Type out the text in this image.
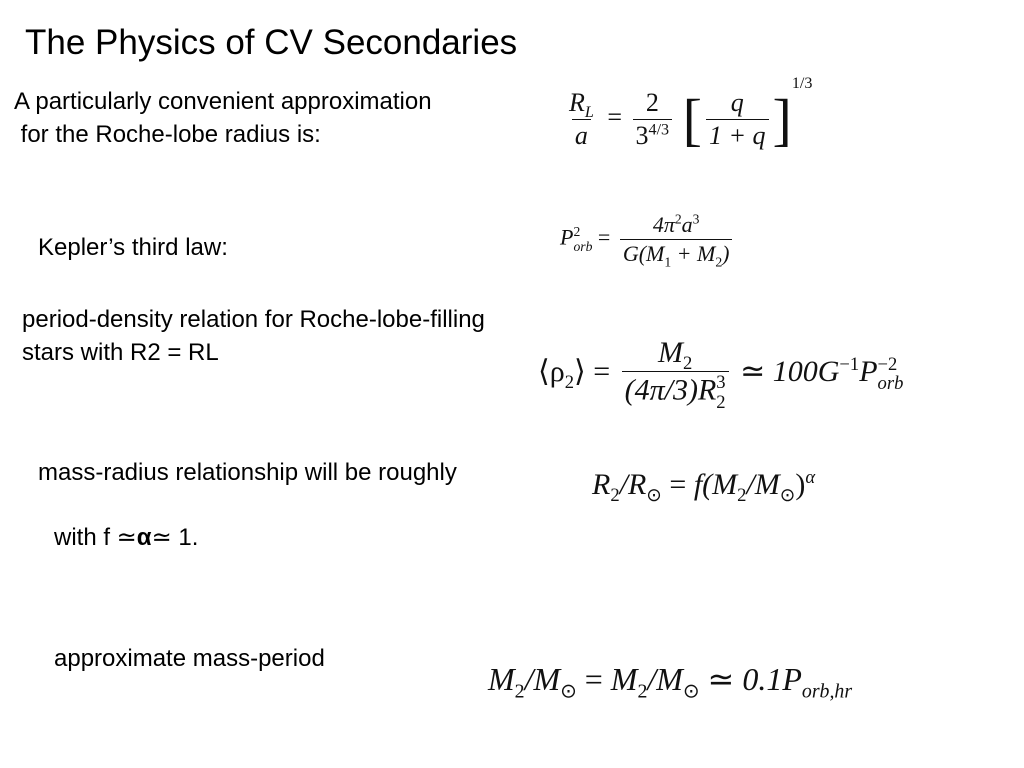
The Physics of CV Secondaries
A particularly convenient approximation
for the Roche-lobe radius is:	$\frac{R_L}{a} = \frac{2}{3^{4/3}}$ [ $\frac{q}{1 + q} ]^{1/3}$
Kepler’s third law:	P 2
orb = $\frac{4\pi^2a^3}{G(M_1 + M_2)}$
period-density relation for Roche-lobe-filling
stars with R2 = RL
$⟨\rho_2⟩ = M_2$
(4π/3)R 3
2 ≃ $100G^{-1}P -2$
orb
mass-radius relationship will be roughly	$R_2/R_⊙ = f(M_2/M_⊙)^\alpha$
with f ≃α≃ 1.
approximate mass-period
$M_2/M_⊙ = M_2/M_⊙$ ≃ $0.1P_{orb,hr}$
